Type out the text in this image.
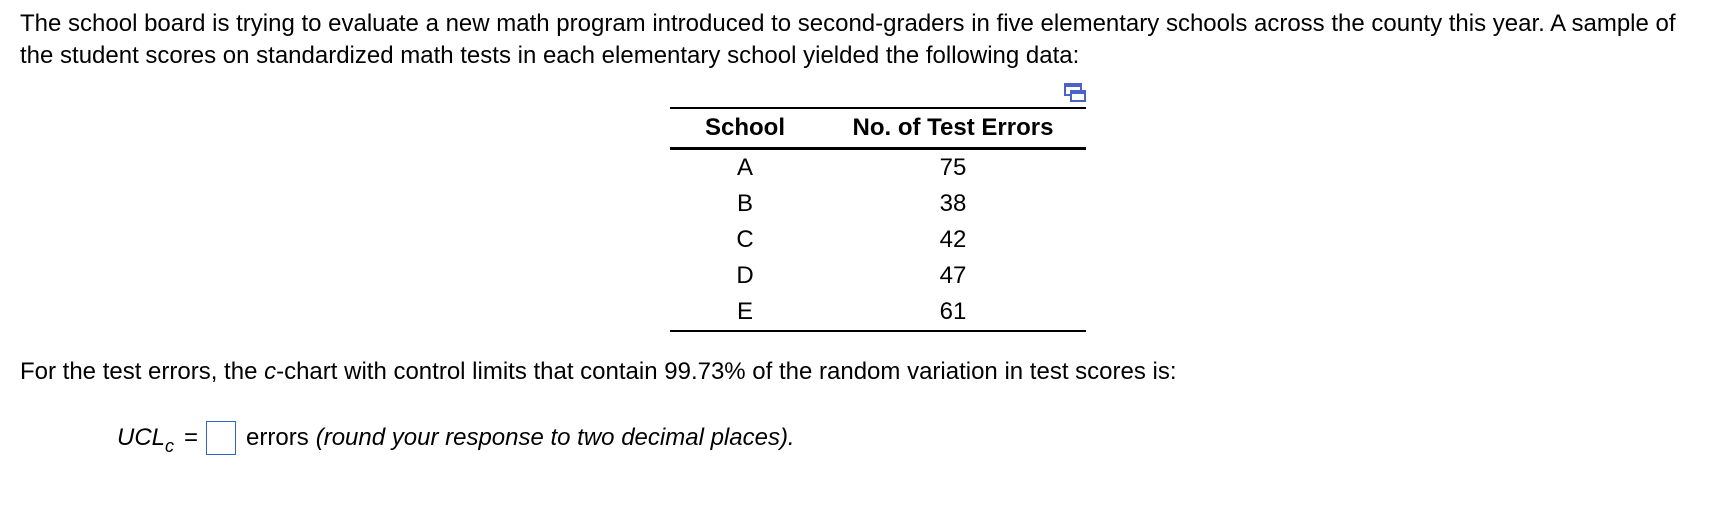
The school board is trying to evaluate a new math program introduced to second-graders in five elementary schools across the county this year. A sample of the student scores on standardized math tests in each elementary school yielded the following data:
School	No. of Test Errors
A	75
B	38
C	42
D	47
E	61
For the test errors, the c-chart with control limits that contain 99.73% of the random variation in test scores is:
UCL c = errors (round your response to two decimal places).
